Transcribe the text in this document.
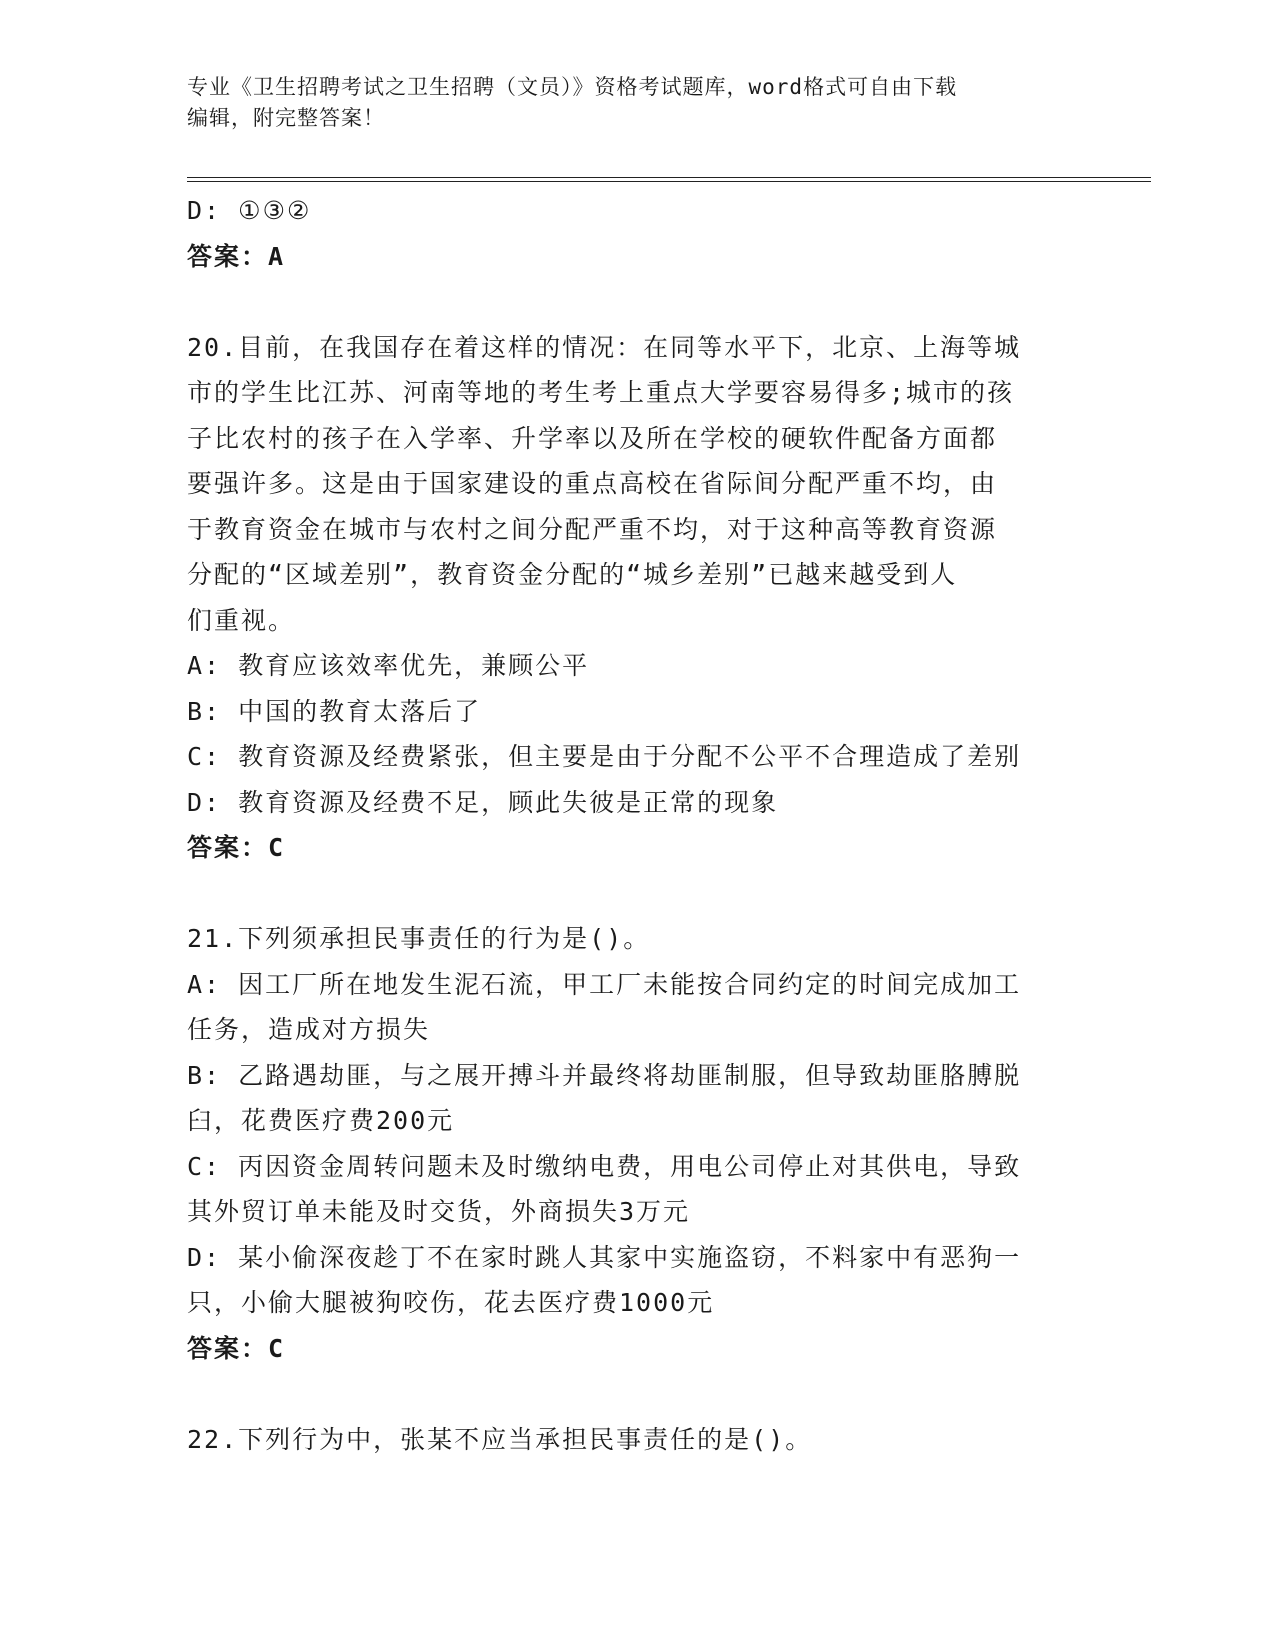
专业《卫生招聘考试之卫生招聘（文员）》资格考试题库，word格式可自由下载
编辑，附完整答案！

D: ①③②

答案：A

20.目前，在我国存在着这样的情况：在同等水平下，北京、上海等城

市的学生比江苏、河南等地的考生考上重点大学要容易得多;城市的孩

子比农村的孩子在入学率、升学率以及所在学校的硬软件配备方面都

要强许多。这是由于国家建设的重点高校在省际间分配严重不均，由

于教育资金在城市与农村之间分配严重不均，对于这种高等教育资源

分配的“区域差别”，教育资金分配的“城乡差别”已越来越受到人

们重视。

A: 教育应该效率优先，兼顾公平

B: 中国的教育太落后了

C: 教育资源及经费紧张，但主要是由于分配不公平不合理造成了差别

D: 教育资源及经费不足，顾此失彼是正常的现象

答案：C

21.下列须承担民事责任的行为是()。

A: 因工厂所在地发生泥石流，甲工厂未能按合同约定的时间完成加工

任务，造成对方损失

B: 乙路遇劫匪，与之展开搏斗并最终将劫匪制服，但导致劫匪胳膊脱

臼，花费医疗费200元

C: 丙因资金周转问题未及时缴纳电费，用电公司停止对其供电，导致

其外贸订单未能及时交货，外商损失3万元

D: 某小偷深夜趁丁不在家时跳人其家中实施盗窃，不料家中有恶狗一

只，小偷大腿被狗咬伤，花去医疗费1000元

答案：C

22.下列行为中，张某不应当承担民事责任的是()。
